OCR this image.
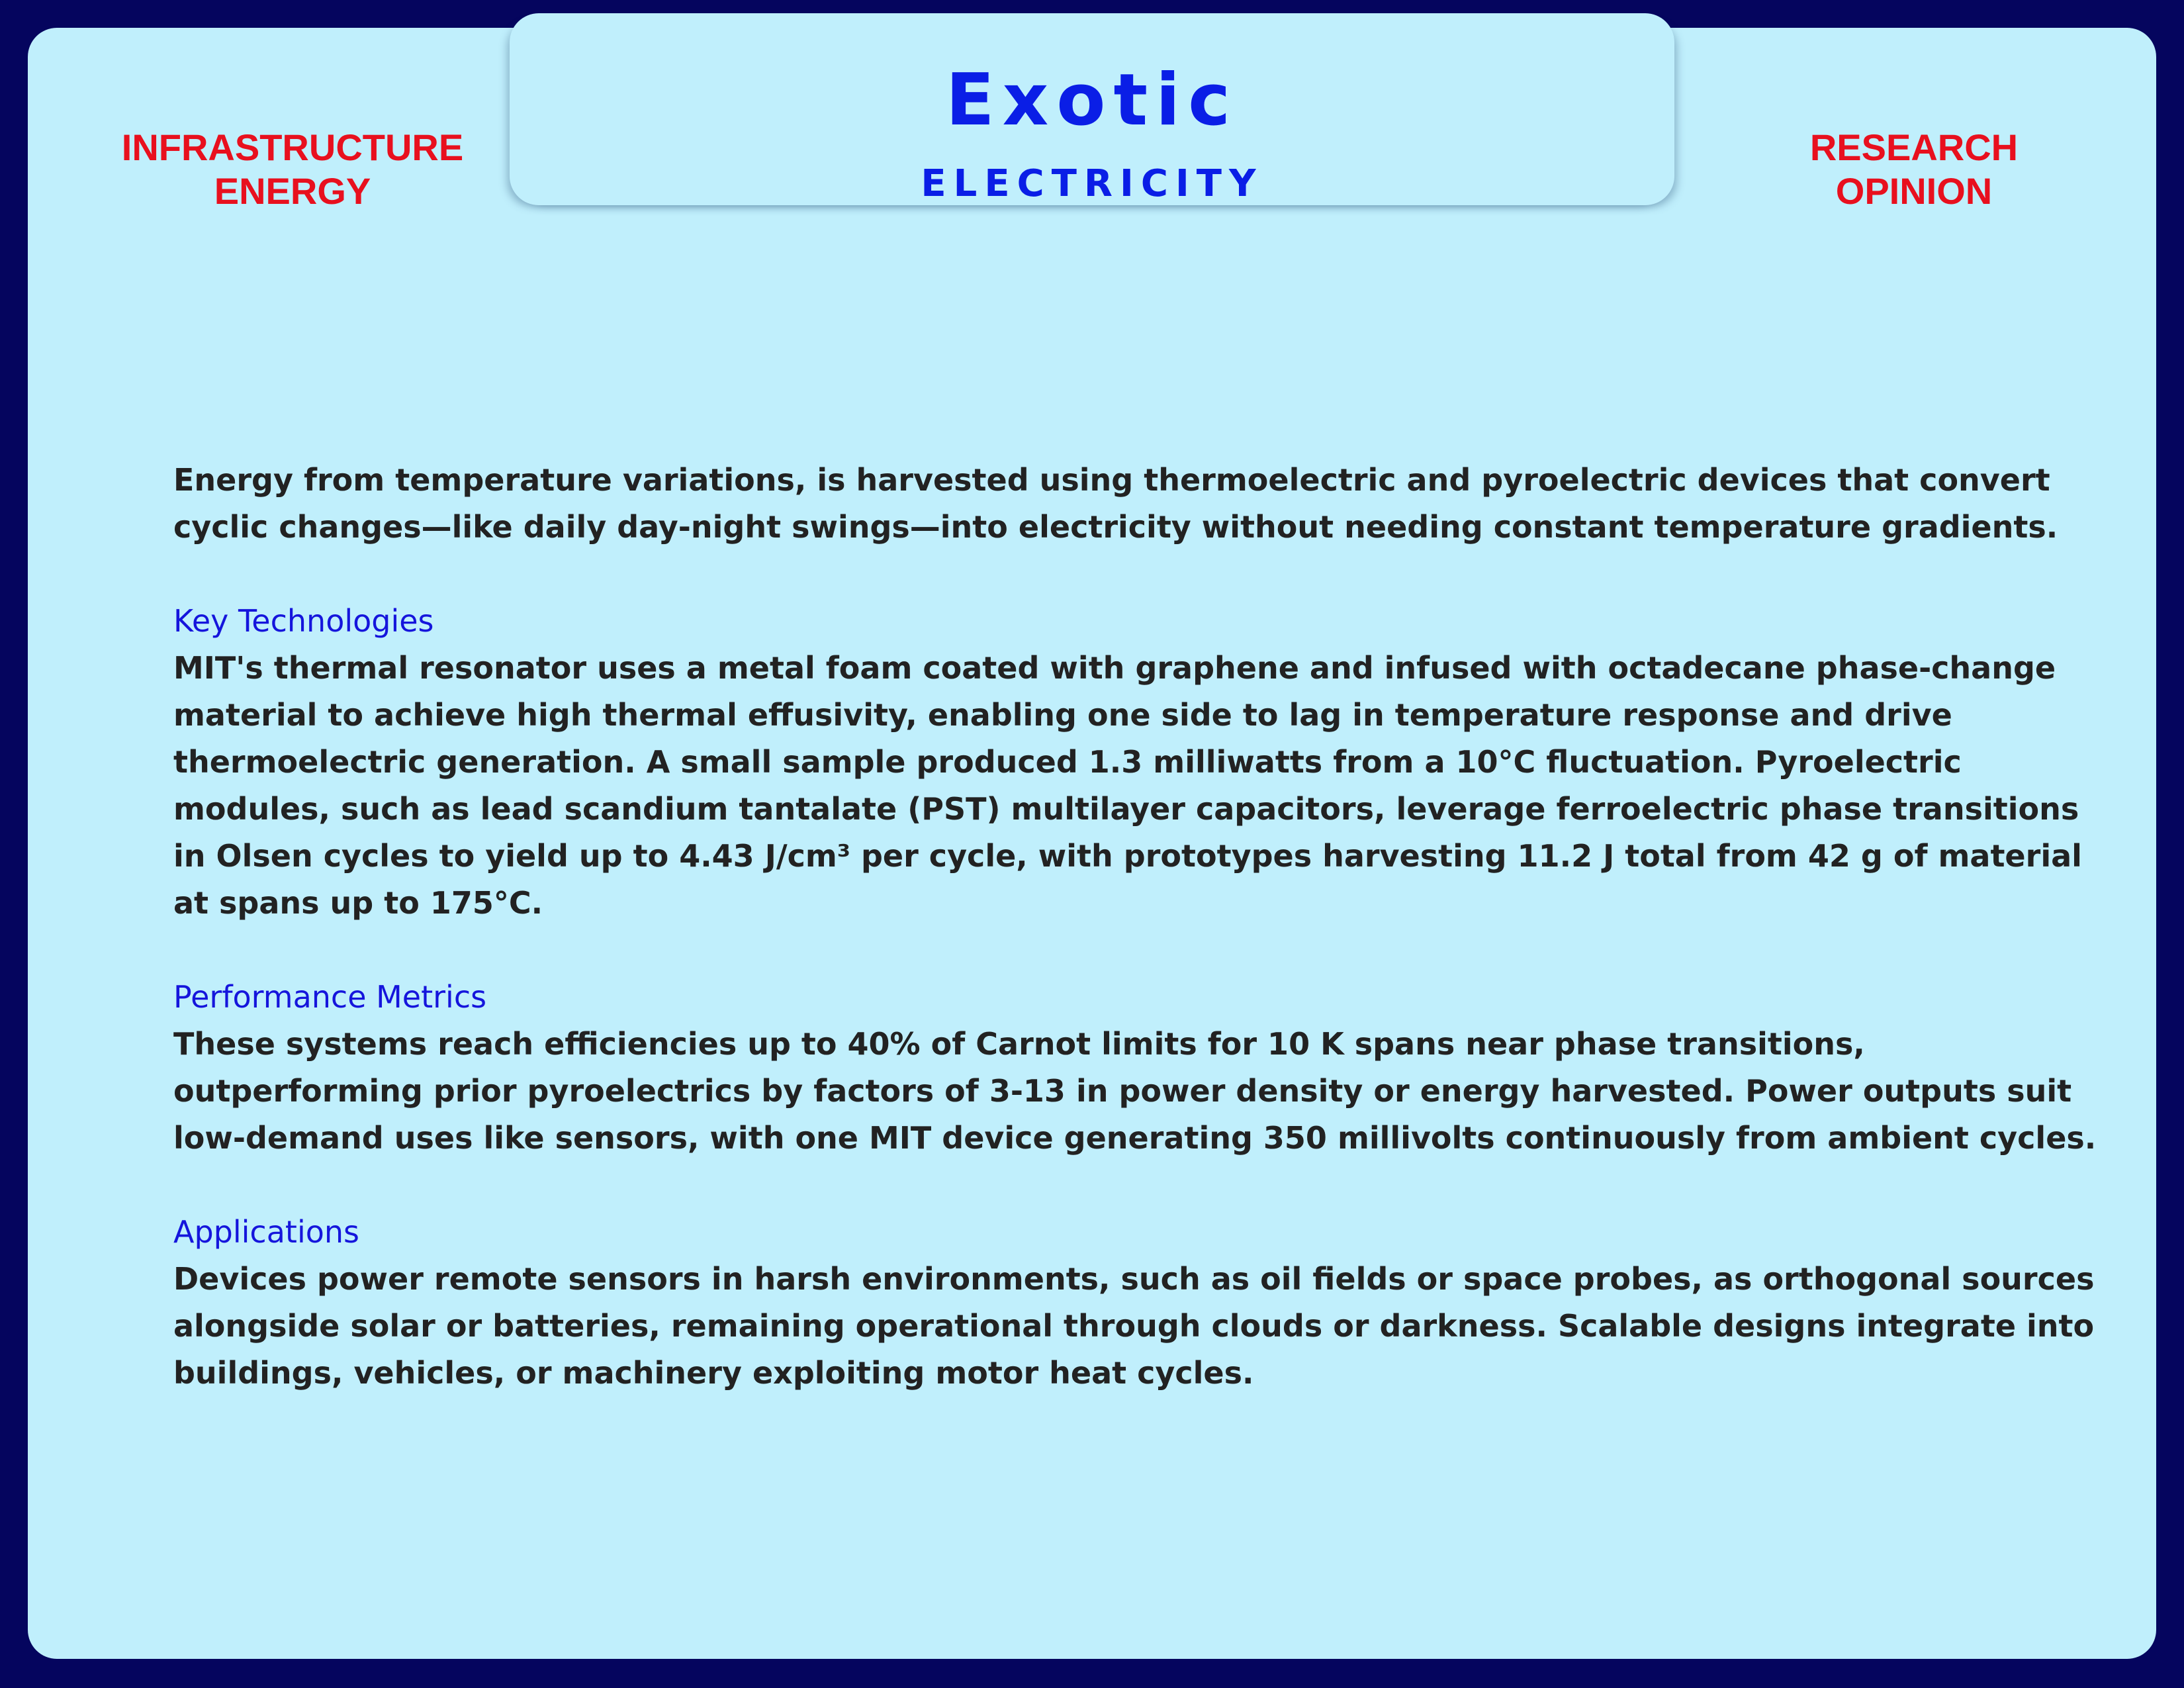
INFRASTRUCTURE
ENERGY
RESEARCH
OPINION

Energy from temperature variations, is harvested using thermoelectric and pyroelectric devices that convert cyclic changes—like daily day-night swings—into electricity without needing constant temperature gradients.

Key Technologies

MIT's thermal resonator uses a metal foam coated with graphene and infused with octadecane phase-change material to achieve high thermal effusivity, enabling one side to lag in temperature response and drive thermoelectric generation. A small sample produced 1.3 milliwatts from a 10°C fluctuation. Pyroelectric modules, such as lead scandium tantalate (PST) multilayer capacitors, leverage ferroelectric phase transitions in Olsen cycles to yield up to 4.43 J/cm³ per cycle, with prototypes harvesting 11.2 J total from 42 g of material at spans up to 175°C.

Performance Metrics

These systems reach efficiencies up to 40% of Carnot limits for 10 K spans near phase transitions, outperforming prior pyroelectrics by factors of 3-13 in power density or energy harvested. Power outputs suit low-demand uses like sensors, with one MIT device generating 350 millivolts continuously from ambient cycles.

Applications

Devices power remote sensors in harsh environments, such as oil fields or space probes, as orthogonal sources alongside solar or batteries, remaining operational through clouds or darkness. Scalable designs integrate into buildings, vehicles, or machinery exploiting motor heat cycles.

Exotic
ELECTRICITY
